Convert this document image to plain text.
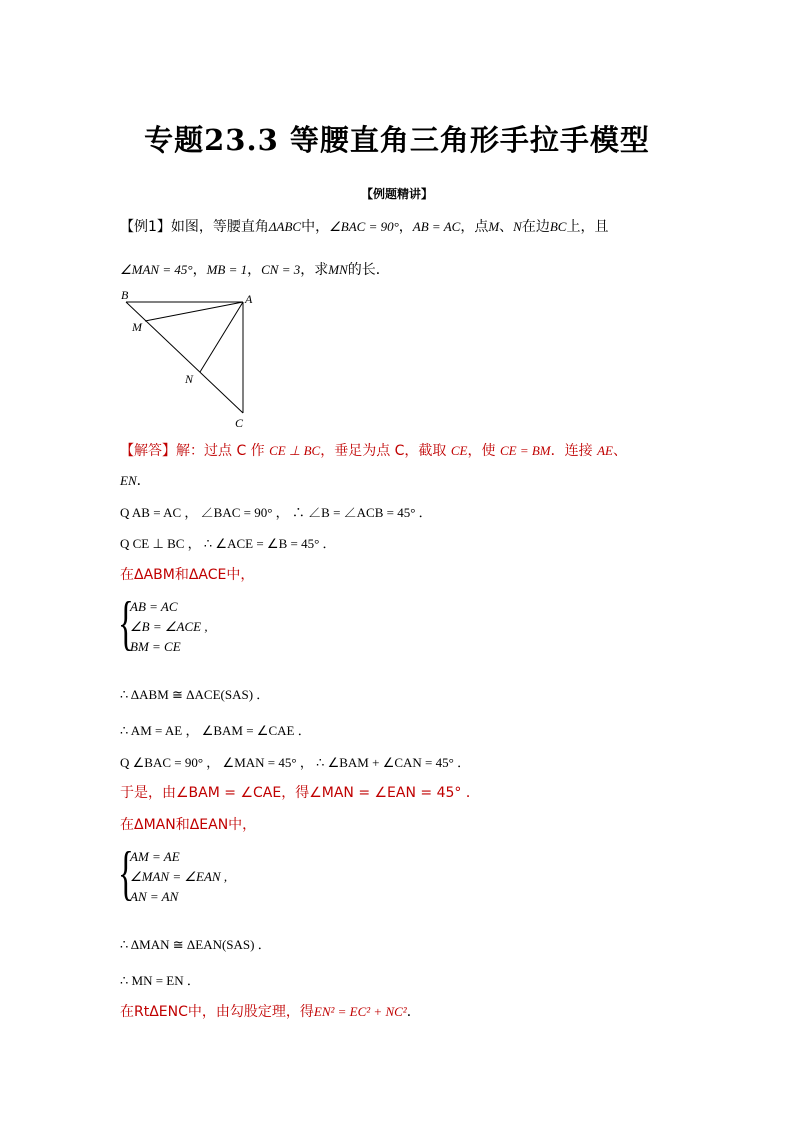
专题23.3 等腰直角三角形手拉手模型
【例题精讲】
【例1】如图，等腰直角ΔABC中，∠BAC = 90°，AB = AC，点M、N在边BC上，且
∠MAN = 45°，MB = 1，CN = 3，求MN的长．
B	A
M
N
C
【解答】解：过点 C 作 CE ⊥ BC，垂足为点 C，截取 CE，使 CE = BM．连接 AE、
EN．
Q AB = AC ， ∠BAC = 90° ， ∴ ∠B = ∠ACB = 45° ．
Q CE ⊥ BC ， ∴ ∠ACE = ∠B = 45° ．
在ΔABM和ΔACE中，
{
AB = AC
∠B = ∠ACE ,
BM = CE
∴ ΔABM ≅ ΔACE(SAS) ．
∴ AM = AE ， ∠BAM = ∠CAE ．
Q ∠BAC = 90° ， ∠MAN = 45° ， ∴ ∠BAM + ∠CAN = 45° ．
于是，由∠BAM = ∠CAE，得∠MAN = ∠EAN = 45° ．
在ΔMAN和ΔEAN中，
{
AM = AE
∠MAN = ∠EAN ,
AN = AN
∴ ΔMAN ≅ ΔEAN(SAS) ．
∴ MN = EN ．
在RtΔENC中，由勾股定理，得EN² = EC² + NC²．
